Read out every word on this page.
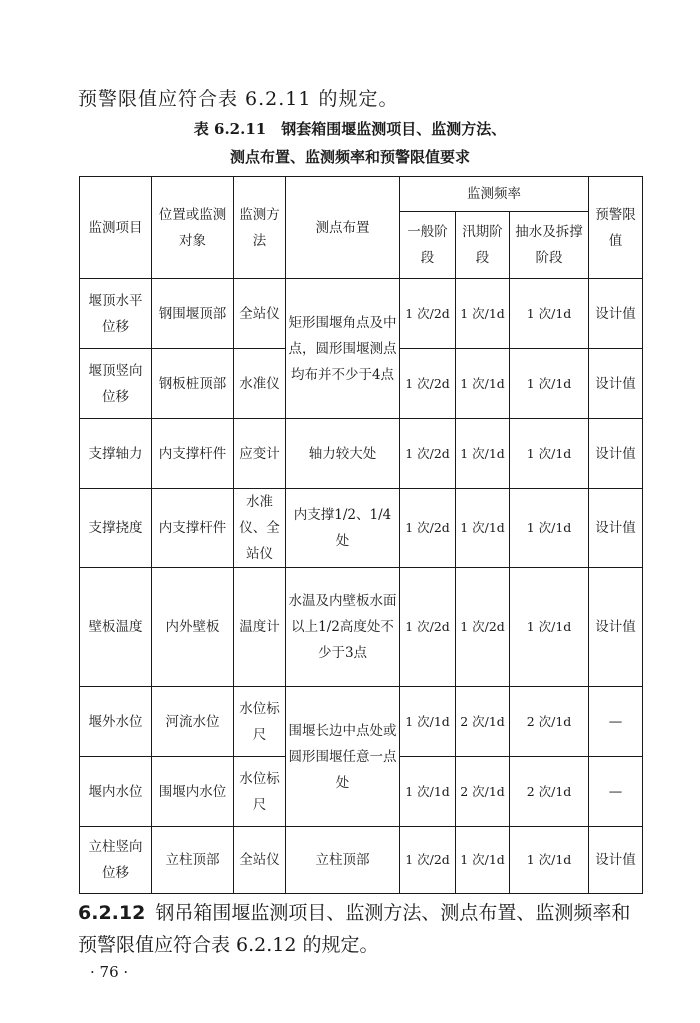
预警限值应符合表 6.2.11 的规定。
表 6.2.11　钢套箱围堰监测项目、监测方法、
测点布置、监测频率和预警限值要求
监测项目	位置或监测对象	监测方法	测点布置	监测频率			预警限值
				一般阶段	汛期阶段	抽水及拆撑阶段	
堰顶水平位移	钢围堰顶部	全站仪	矩形围堰角点及中点，圆形围堰测点均布并不少于4点	1 次/2d	1 次/1d	1 次/1d	设计值
堰顶竖向位移	钢板桩顶部	水准仪		1 次/2d	1 次/1d	1 次/1d	设计值
支撑轴力	内支撑杆件	应变计	轴力较大处	1 次/2d	1 次/1d	1 次/1d	设计值
支撑挠度	内支撑杆件	水准仪、全站仪	内支撑1/2、1/4 处	1 次/2d	1 次/1d	1 次/1d	设计值
壁板温度	内外壁板	温度计	水温及内壁板水面以上1/2高度处不少于3点	1 次/2d	1 次/2d	1 次/1d	设计值
堰外水位	河流水位	水位标尺	围堰长边中点处或圆形围堰任意一点处	1 次/1d	2 次/1d	2 次/1d	—
堰内水位	围堰内水位	水位标尺		1 次/1d	2 次/1d	2 次/1d	—
立柱竖向位移	立柱顶部	全站仪	立柱顶部	1 次/2d	1 次/1d	1 次/1d	设计值
6.2.12 钢吊箱围堰监测项目、监测方法、测点布置、监测频率和
预警限值应符合表 6.2.12 的规定。
· 76 ·
